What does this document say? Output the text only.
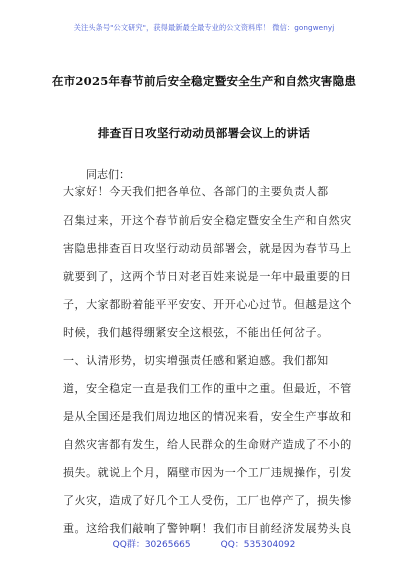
关注头条号"公文研究"，获得最新最全最专业的公文资料库！ 微信：gongwenyj
在市2025年春节前后安全稳定暨安全生产和自然灾害隐患
排查百日攻坚行动动员部署会议上的讲话
同志们：
大家好！今天我们把各单位、各部门的主要负责人都
召集过来，开这个春节前后安全稳定暨安全生产和自然灾
害隐患排查百日攻坚行动动员部署会，就是因为春节马上
就要到了，这两个节日对老百姓来说是一年中最重要的日
子，大家都盼着能平平安安、开开心心过节。但越是这个
时候，我们越得绷紧安全这根弦，不能出任何岔子。
一、认清形势，切实增强责任感和紧迫感。我们都知
道，安全稳定一直是我们工作的重中之重。但最近，不管
是从全国还是我们周边地区的情况来看，安全生产事故和
自然灾害都有发生，给人民群众的生命财产造成了不小的
损失。就说上个月，隔壁市因为一个工厂违规操作，引发
了火灾，造成了好几个工人受伤，工厂也停产了，损失惨
重。这给我们敲响了警钟啊！我们市目前经济发展势头良
QQ群：30265665	QQ：535304092
